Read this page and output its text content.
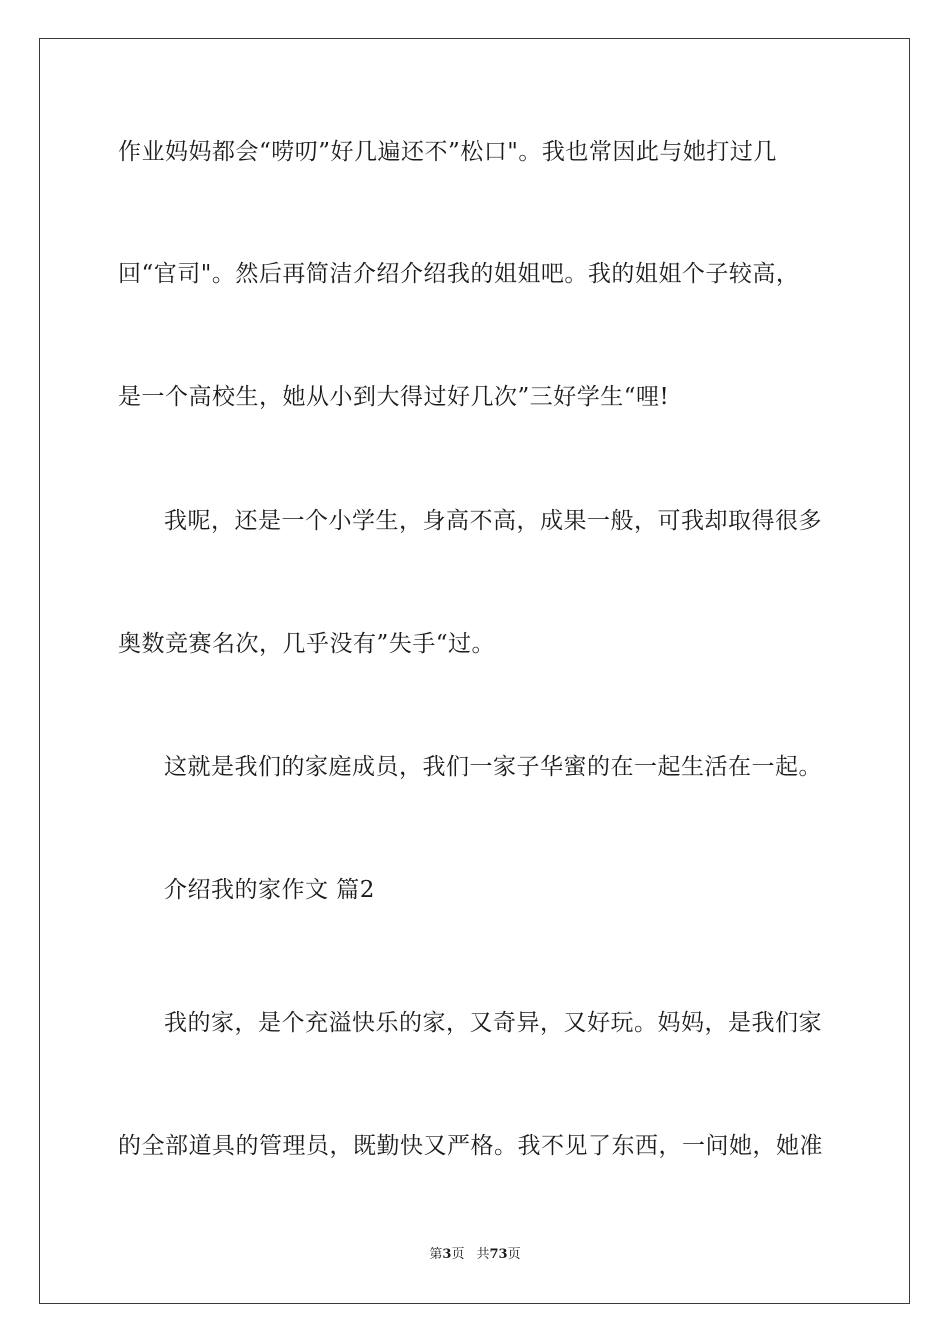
作业妈妈都会“唠叨”好几遍还不”松口"。我也常因此与她打过几
回“官司"。然后再简洁介绍介绍我的姐姐吧。我的姐姐个子较高，
是一个高校生，她从小到大得过好几次”三好学生“哩!
我呢，还是一个小学生，身高不高，成果一般，可我却取得很多
奥数竞赛名次，几乎没有”失手“过。
这就是我们的家庭成员，我们一家子华蜜的在一起生活在一起。
介绍我的家作文 篇2
我的家，是个充溢快乐的家，又奇异，又好玩。妈妈，是我们家
的全部道具的管理员，既勤快又严格。我不见了东西，一问她，她准
第3页 共73页
